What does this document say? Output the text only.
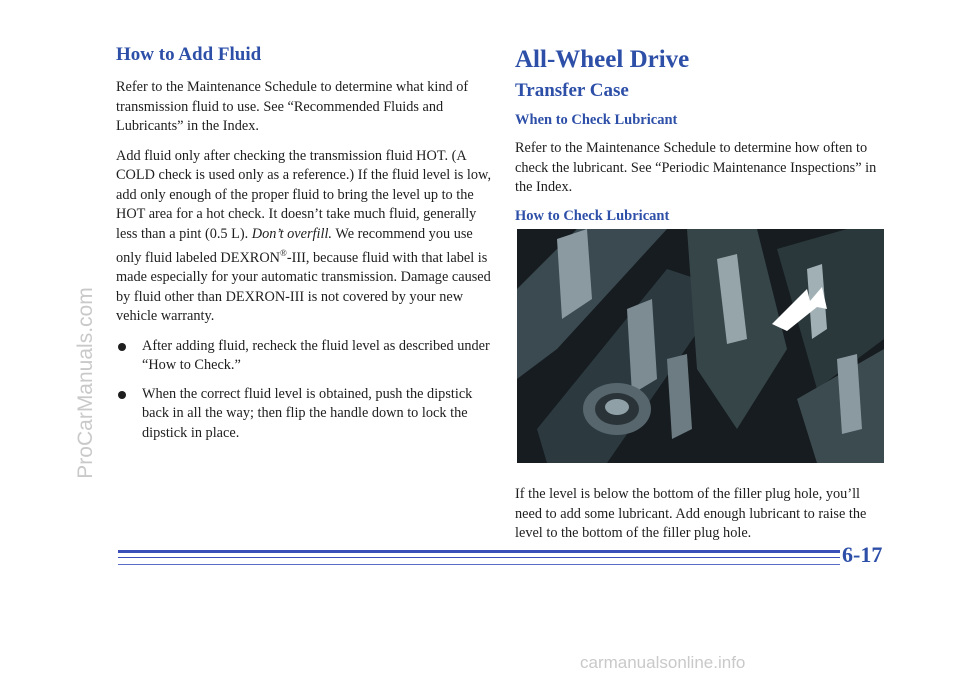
How to Add Fluid

Refer to the Maintenance Schedule to determine what kind of transmission fluid to use. See “Recommended Fluids and Lubricants” in the Index.

Add fluid only after checking the transmission fluid HOT. (A COLD check is used only as a reference.) If the fluid level is low, add only enough of the proper fluid to bring the level up to the HOT area for a hot check. It doesn’t take much fluid, generally less than a pint (0.5 L). Don’t overfill. We recommend you use only fluid labeled DEXRON®-III, because fluid with that label is made especially for your automatic transmission. Damage caused by fluid other than DEXRON-III is not covered by your new vehicle warranty.

After adding fluid, recheck the fluid level as described under “How to Check.”
When the correct fluid level is obtained, push the dipstick back in all the way; then flip the handle down to lock the dipstick in place.
All-Wheel Drive
Transfer Case
When to Check Lubricant

Refer to the Maintenance Schedule to determine how often to check the lubricant. See “Periodic Maintenance Inspections” in the Index.

How to Check Lubricant

If the level is below the bottom of the filler plug hole, you’ll need to add some lubricant. Add enough lubricant to raise the level to the bottom of the filler plug hole.

6-17
ProCarManuals.com
carmanualsonline.info
